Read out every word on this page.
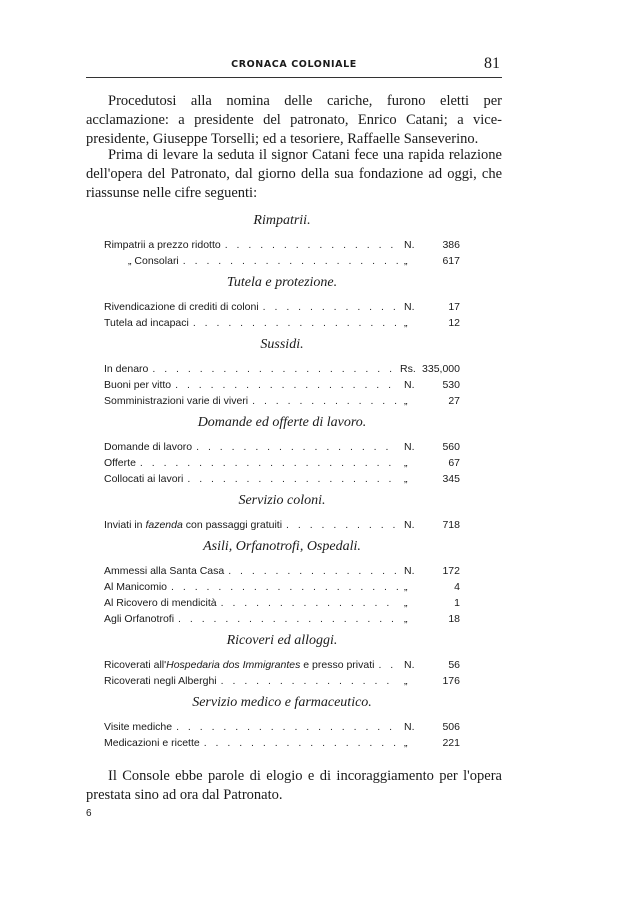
CRONACA COLONIALE	81

Procedutosi alla nomina delle cariche, furono eletti per acclamazione: a presidente del patronato, Enrico Catani; a vice-presidente, Giuseppe Torselli; ed a tesoriere, Raffaelle Sanseverino.

Prima di levare la seduta il signor Catani fece una rapida relazione dell'opera del Patronato, dal giorno della sua fondazione ad oggi, che riassunse nelle cifre seguenti:

Rimpatrii.
Rimpatrii a prezzo ridotto . . .	N.	386
„ Consolari . . .	„	617
Tutela e protezione.
Rivendicazione di crediti di coloni . . .	N.	17
Tutela ad incapaci . . .	„	12
Sussidi.
In denaro . . .	Rs. 335,000
Buoni per vitto . . .	N.	530
Somministrazioni varie di viveri . . .	„	27
Domande ed offerte di lavoro.
Domande di lavoro . . .	N.	560
Offerte . . .	„	67
Collocati ai lavori . . .	„	345
Servizio coloni.
Inviati in fazenda con passaggi gratuiti . . .	N.	718
Asili, Orfanotrofi, Ospedali.
Ammessi alla Santa Casa . . .	N.	172
Al Manicomio . . .	„	4
Al Ricovero di mendicità . . .	„	1
Agli Orfanotrofi . . .	„	18
Ricoveri ed alloggi.
Ricoverati all'Hospedaria dos Immigrantes e presso privati . . .	N.	56
Ricoverati negli Alberghi . . .	„	176
Servizio medico e farmaceutico.
Visite mediche . . .	N.	506
Medicazioni e ricette . . .	„	221

Il Console ebbe parole di elogio e di incoraggiamento per l'opera prestata sino ad ora dal Patronato.

6
